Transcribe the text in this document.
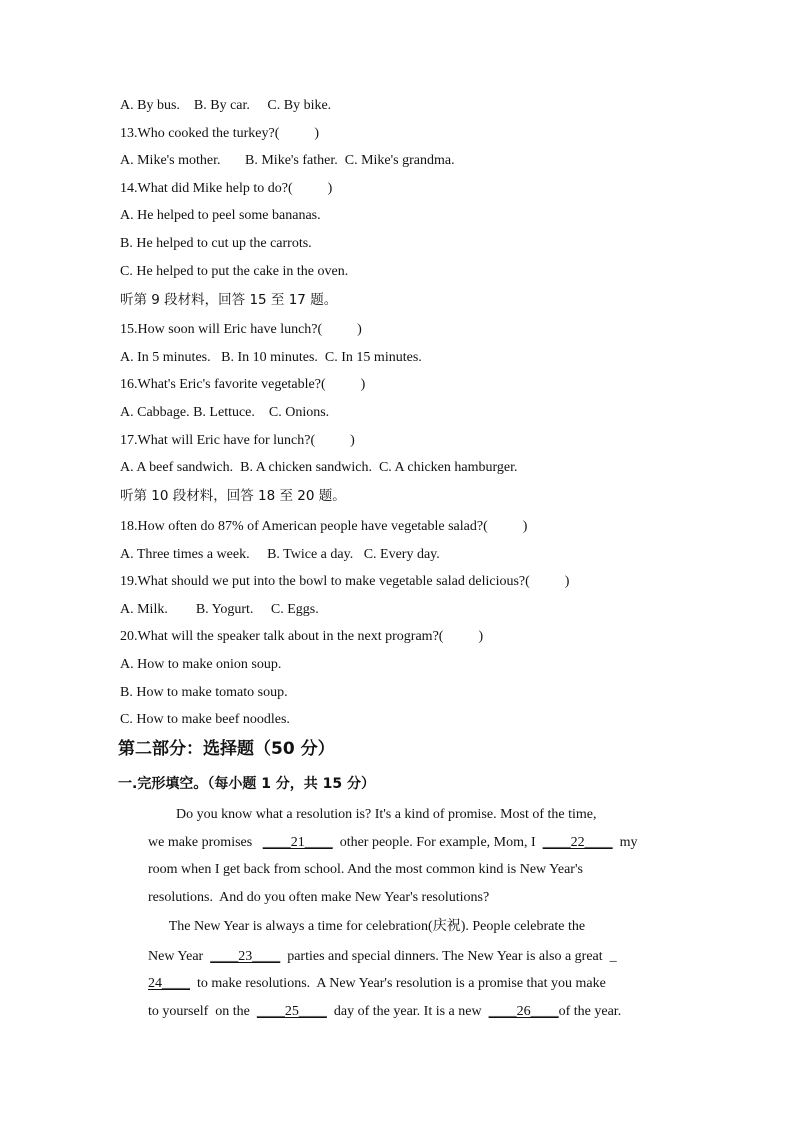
A. By bus.    B. By car.     C. By bike.
13.Who cooked the turkey?(          )
A. Mike's mother.       B. Mike's father.  C. Mike's grandma.
14.What did Mike help to do?(          )
A. He helped to peel some bananas.
B. He helped to cut up the carrots.
C. He helped to put the cake in the oven.
听第 9 段材料，回答 15 至 17 题。
15.How soon will Eric have lunch?(          )
A. In 5 minutes.   B. In 10 minutes.  C. In 15 minutes.
16.What's Eric's favorite vegetable?(          )
A. Cabbage. B. Lettuce.    C. Onions.
17.What will Eric have for lunch?(          )
A. A beef sandwich.  B. A chicken sandwich.  C. A chicken hamburger.
听第 10 段材料，回答 18 至 20 题。
18.How often do 87% of American people have vegetable salad?(          )
A. Three times a week.     B. Twice a day.   C. Every day.
19.What should we put into the bowl to make vegetable salad delicious?(          )
A. Milk.        B. Yogurt.     C. Eggs.
20.What will the speaker talk about in the next program?(          )
A. How to make onion soup.
B. How to make tomato soup.
C. How to make beef noodles.
第二部分：选择题（50 分）
一.完形填空。（每小题 1 分，共 15 分）
Do you know what a resolution is? It's a kind of promise. Most of the time,
we make promises   ____21____  other people. For example, Mom, I  ____22____  my
room when I get back from school. And the most common kind is New Year's
resolutions.  And do you often make New Year's resolutions?
The New Year is always a time for celebration(庆祝). People celebrate the
New Year  ____23____  parties and special dinners. The New Year is also a great  _
24____  to make resolutions.  A New Year's resolution is a promise that you make
to yourself  on the  ____25____  day of the year. It is a new  ____26____of the year.
